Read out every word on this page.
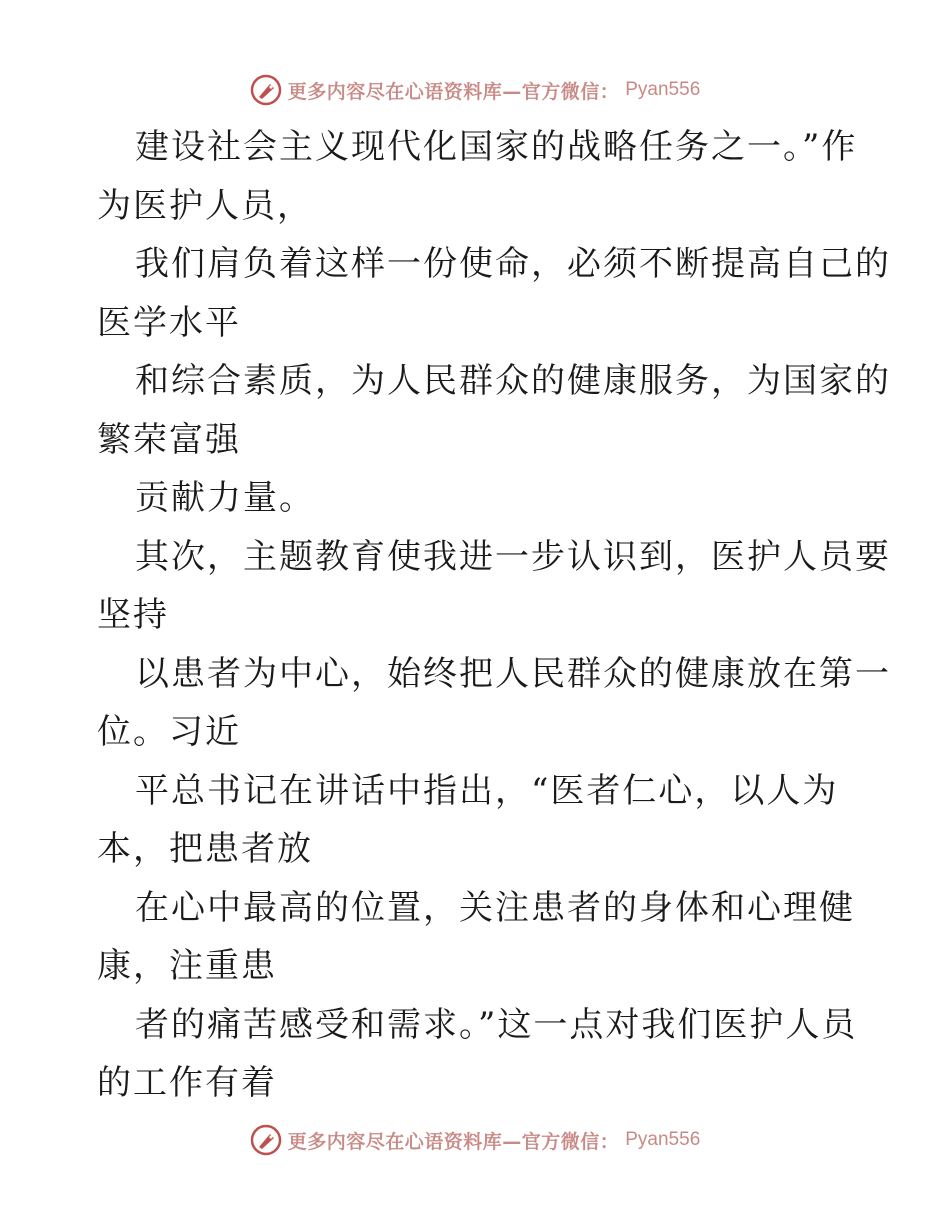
更多内容尽在心语资料库—官方微信： Pyan556
建设社会主义现代化国家的战略任务之一。”作
为医护人员，
我们肩负着这样一份使命，必须不断提高自己的
医学水平
和综合素质，为人民群众的健康服务，为国家的
繁荣富强
贡献力量。
其次，主题教育使我进一步认识到，医护人员要
坚持
以患者为中心，始终把人民群众的健康放在第一
位。习近
平总书记在讲话中指出，“医者仁心，以人为
本，把患者放
在心中最高的位置，关注患者的身体和心理健
康，注重患
者的痛苦感受和需求。”这一点对我们医护人员
的工作有着
更多内容尽在心语资料库—官方微信： Pyan556
